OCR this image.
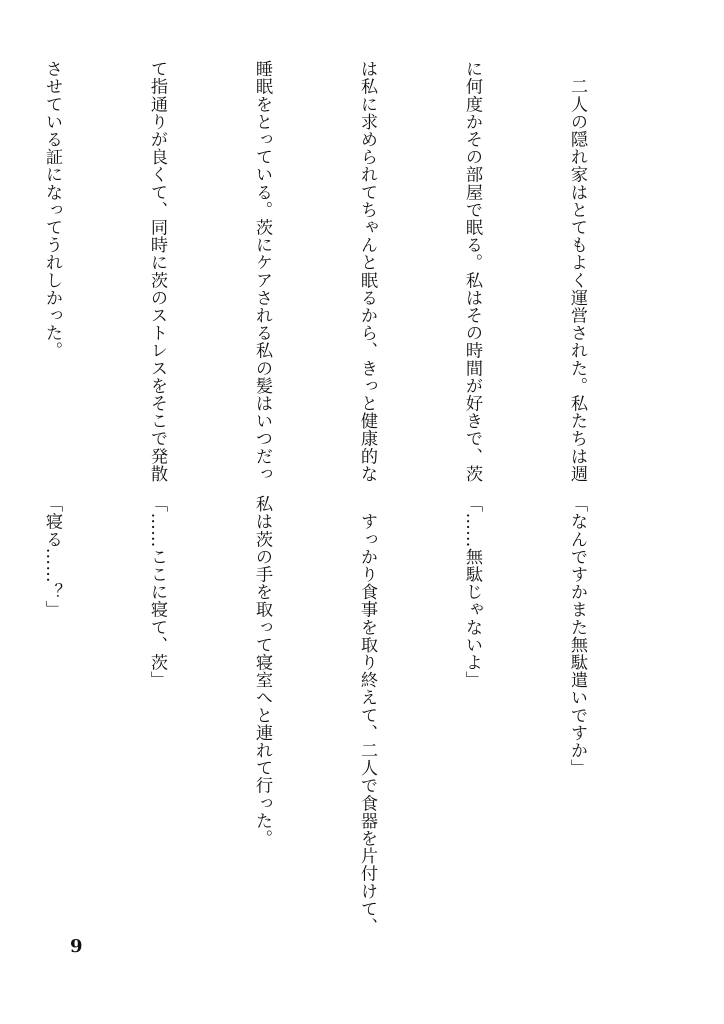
　二人の隠れ家はとてもよく運営された。私たちは週

に何度かその部屋で眠る。私はその時間が好きで、茨

は私に求められてちゃんと眠るから、きっと健康的な

睡眠をとっている。茨にケアされる私の髪はいつだっ

て指通りが良くて、同時に茨のストレスをそこで発散

させている証になってうれしかった。

「なんですかまた無駄遣いですか」

「……無駄じゃないよ」

　すっかり食事を取り終えて、二人で食器を片付けて、

私は茨の手を取って寝室へと連れて行った。

「……ここに寝て、茨」

「寝る……？」

9
